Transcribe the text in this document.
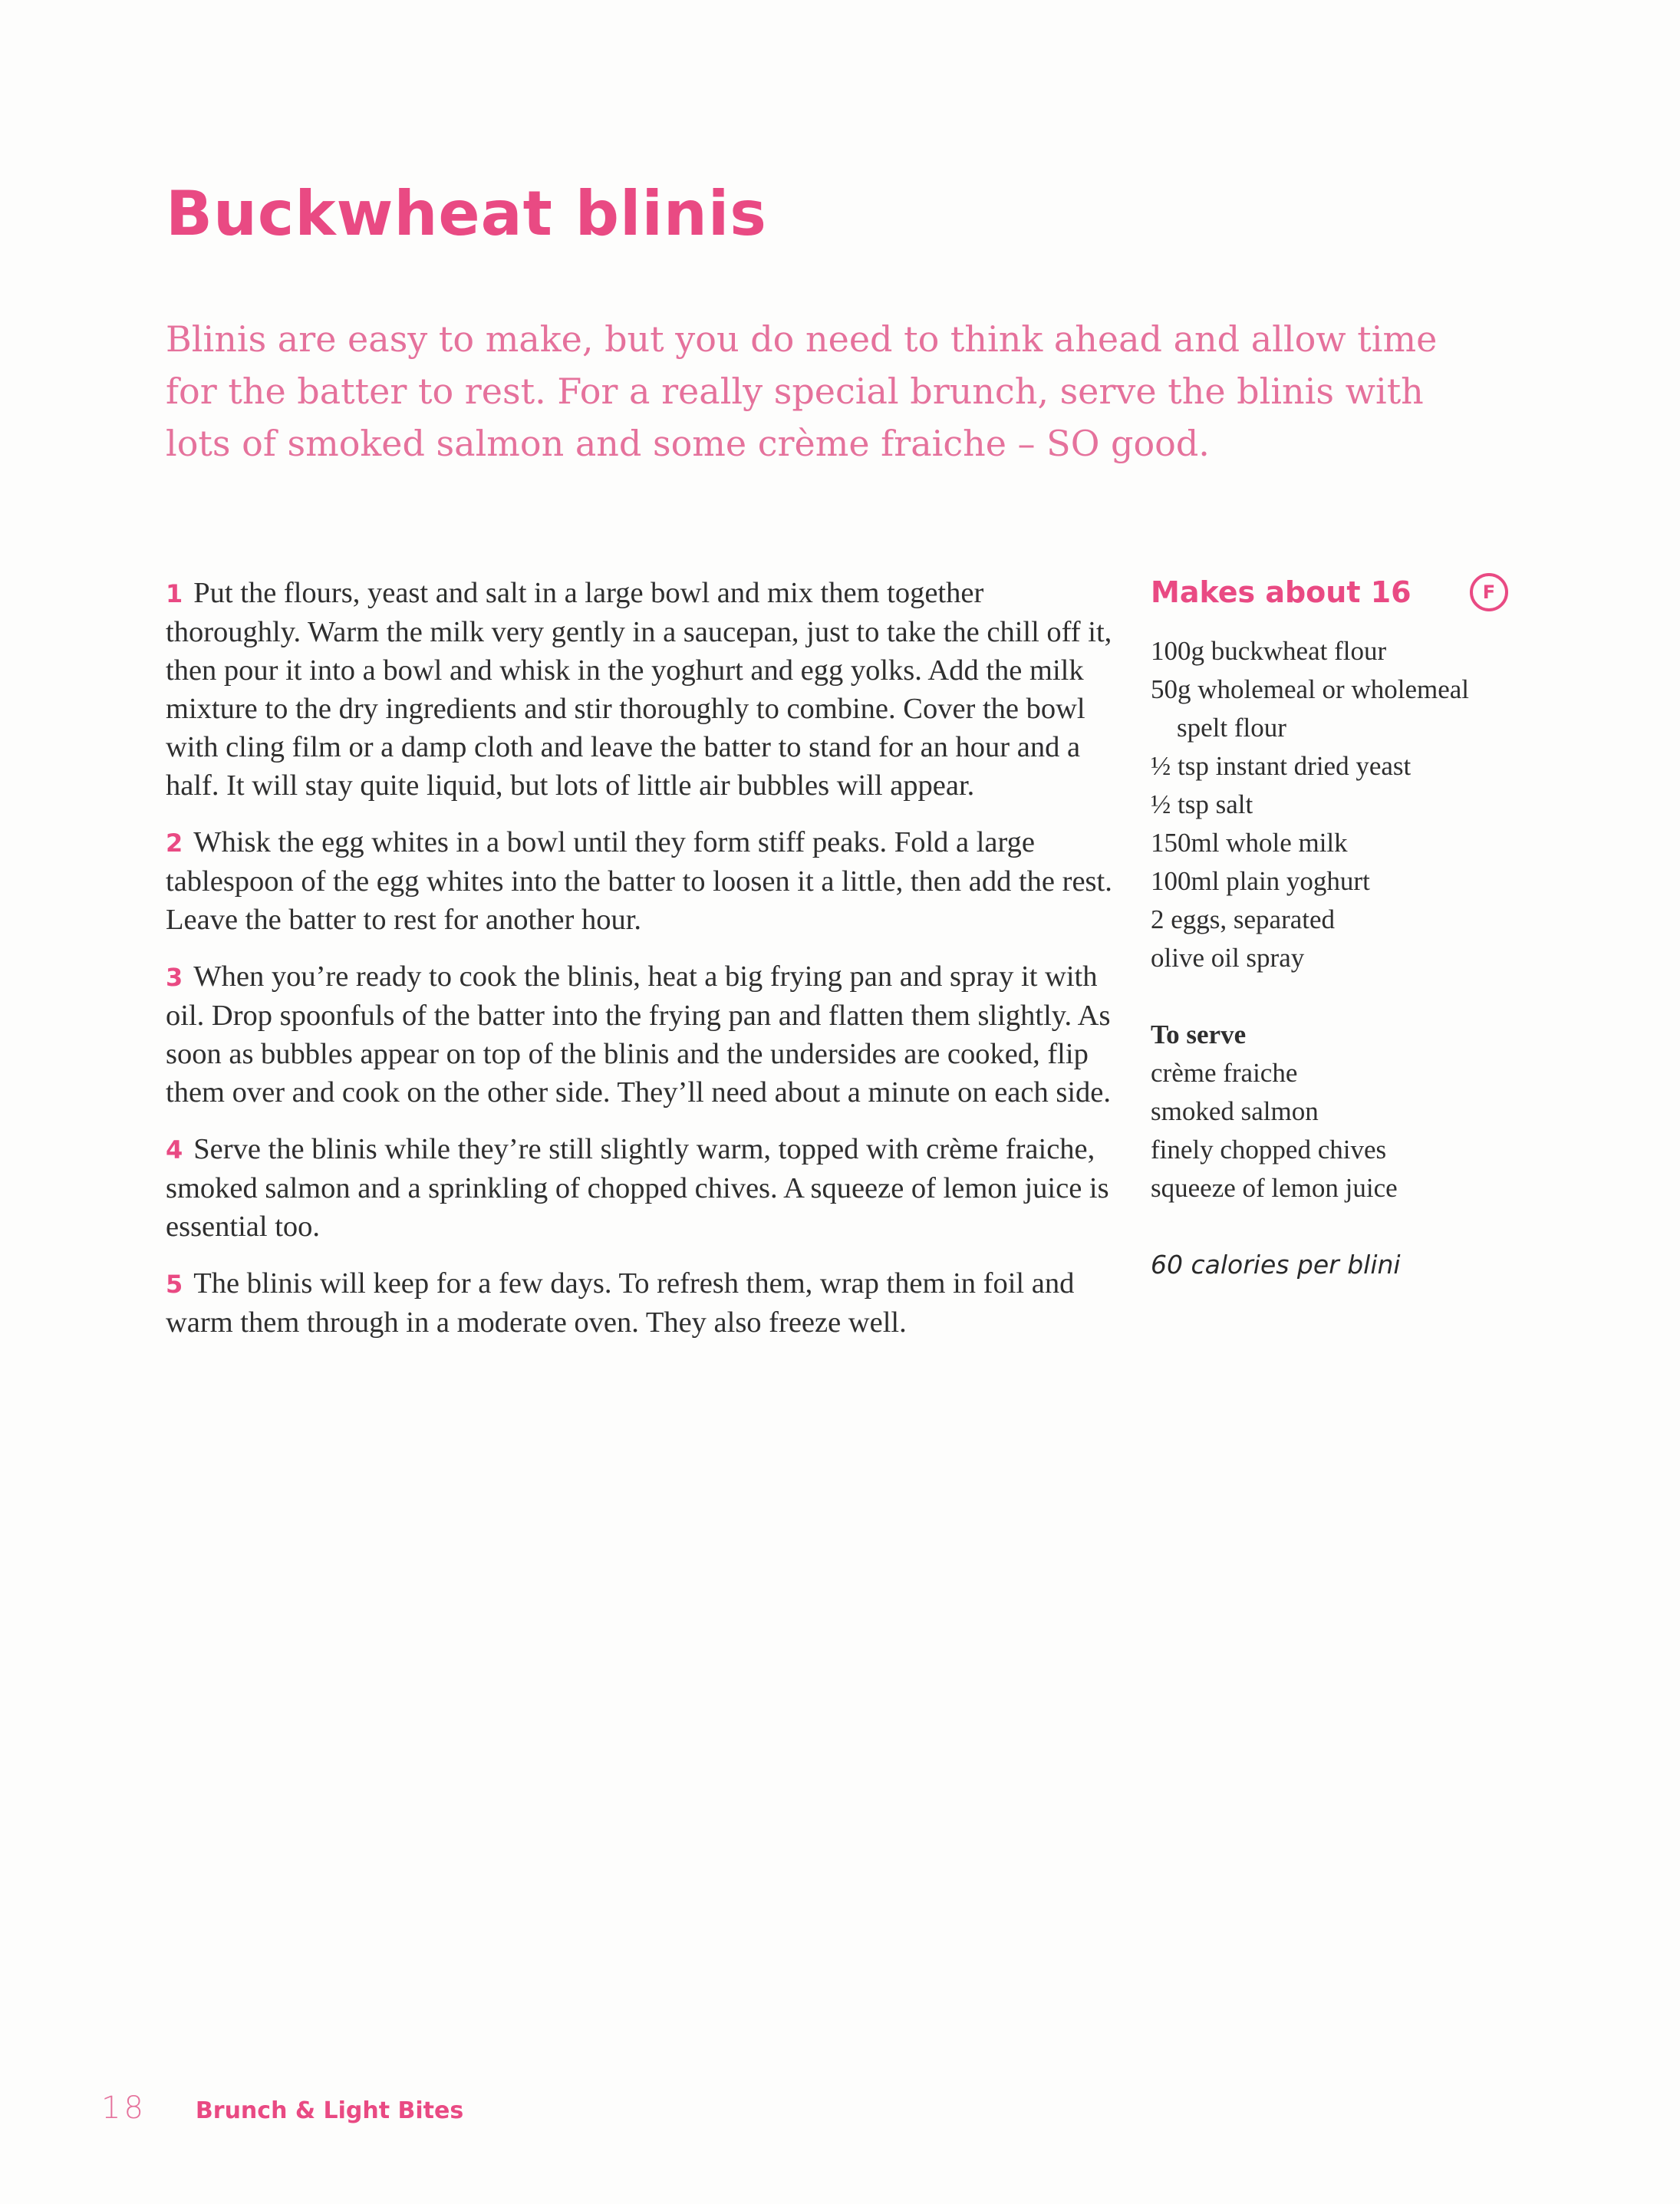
Buckwheat blinis

Blinis are easy to make, but you do need to think ahead and allow time for the batter to rest. For a really special brunch, serve the blinis with lots of smoked salmon and some crème fraiche – SO good.

1 Put the flours, yeast and salt in a large bowl and mix them together thoroughly. Warm the milk very gently in a saucepan, just to take the chill off it, then pour it into a bowl and whisk in the yoghurt and egg yolks. Add the milk mixture to the dry ingredients and stir thoroughly to combine. Cover the bowl with cling film or a damp cloth and leave the batter to stand for an hour and a half. It will stay quite liquid, but lots of little air bubbles will appear.

2 Whisk the egg whites in a bowl until they form stiff peaks. Fold a large tablespoon of the egg whites into the batter to loosen it a little, then add the rest. Leave the batter to rest for another hour.

3 When you’re ready to cook the blinis, heat a big frying pan and spray it with oil. Drop spoonfuls of the batter into the frying pan and flatten them slightly. As soon as bubbles appear on top of the blinis and the undersides are cooked, flip them over and cook on the other side. They’ll need about a minute on each side.

4 Serve the blinis while they’re still slightly warm, topped with crème fraiche, smoked salmon and a sprinkling of chopped chives. A squeeze of lemon juice is essential too.

5 The blinis will keep for a few days. To refresh them, wrap them in foil and warm them through in a moderate oven. They also freeze well.

Makes about 16	F
100g buckwheat flour
50g wholemeal or wholemeal spelt flour
½ tsp instant dried yeast
½ tsp salt
150ml whole milk
100ml plain yoghurt
2 eggs, separated
olive oil spray
To serve
crème fraiche
smoked salmon
finely chopped chives
squeeze of lemon juice
60 calories per blini
18 Brunch & Light Bites
